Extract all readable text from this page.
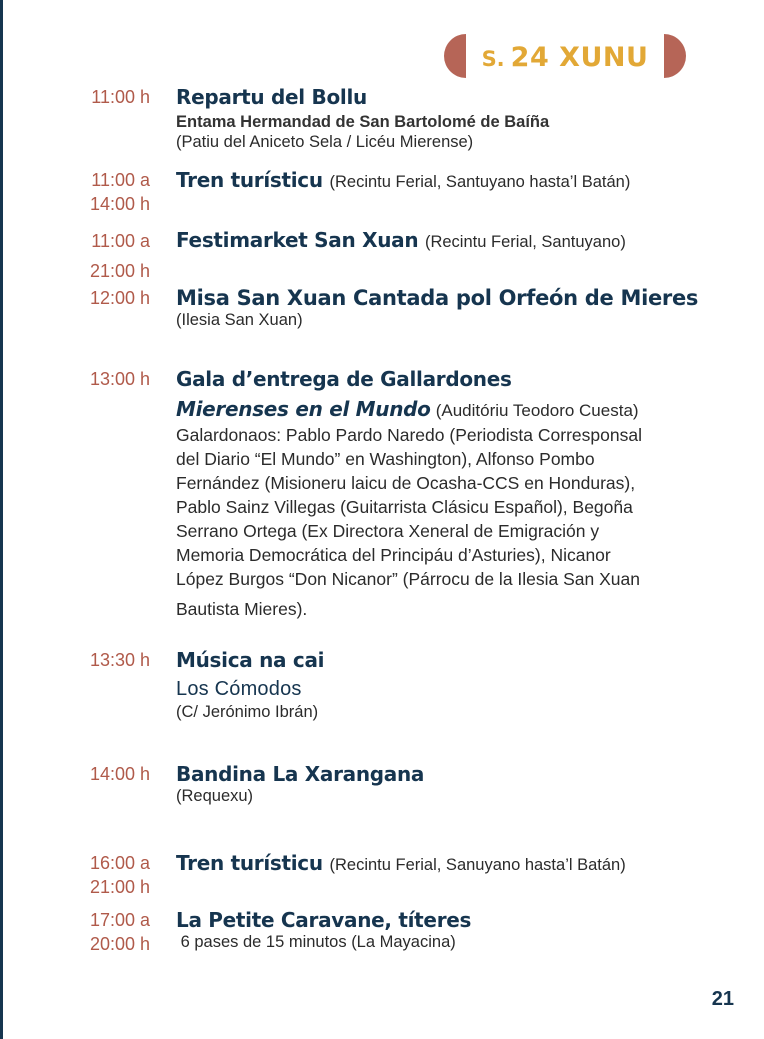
S. 24 XUNU
11:00 h Repartu del Bollu
Entama Hermandad de San Bartolomé de Baíña
(Patiu del Aniceto Sela / Licéu Mierense)
11:00 a
14:00 h
Tren turísticu (Recintu Ferial, Santuyano hasta’l Batán)
11:00 a
21:00 h
Festimarket San Xuan (Recintu Ferial, Santuyano)
12:00 h Misa San Xuan Cantada pol Orfeón de Mieres
(Ilesia San Xuan)
13:00 h Gala d’entrega de Gallardones
Mierenses en el Mundo (Auditóriu Teodoro Cuesta)
Galardonaos: Pablo Pardo Naredo (Periodista Corresponsal
del Diario “El Mundo” en Washington), Alfonso Pombo
Fernández (Misioneru laicu de Ocasha-CCS en Honduras),
Pablo Sainz Villegas (Guitarrista Clásicu Español), Begoña
Serrano Ortega (Ex Directora Xeneral de Emigración y
Memoria Democrática del Principáu d’Asturies), Nicanor
López Burgos “Don Nicanor” (Párrocu de la Ilesia San Xuan
Bautista Mieres).
13:30 h Música na cai
Los Cómodos
(C/ Jerónimo Ibrán)
14:00 h Bandina La Xarangana
(Requexu)
16:00 a
21:00 h
Tren turísticu (Recintu Ferial, Sanuyano hasta’l Batán)
17:00 a
20:00 h
La Petite Caravane, títeres
6 pases de 15 minutos (La Mayacina)
21
